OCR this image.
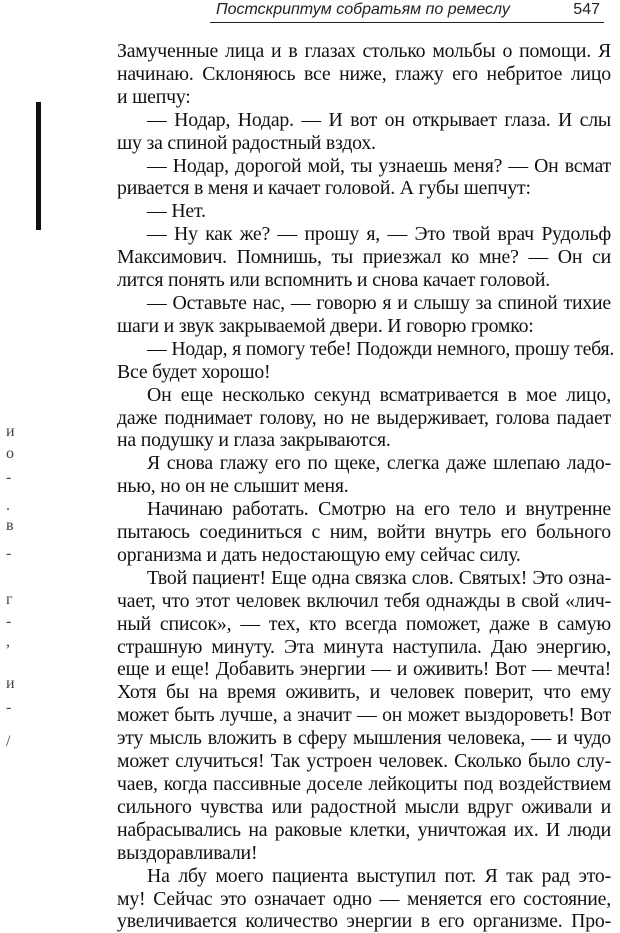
Постскриптум собратьям по ремеслу	547
и
о
-
.
в
-
г
-
,
и
-
/
Замученные лица и в глазах столько мольбы о помощи. Я
начинаю. Склоняюсь все ниже, глажу его небритое лицо
и шепчу:
— Нодар, Нодар. — И вот он открывает глаза. И слы
шу за спиной радостный вздох.
— Нодар, дорогой мой, ты узнаешь меня? — Он всмат
ривается в меня и качает головой. А губы шепчут:
— Нет.
— Ну как же? — прошу я, — Это твой врач Рудольф
Максимович. Помнишь, ты приезжал ко мне? — Он си
лится понять или вспомнить и снова качает головой.
— Оставьте нас, — говорю я и слышу за спиной тихие
шаги и звук закрываемой двери. И говорю громко:
— Нодар, я помогу тебе! Подожди немного, прошу тебя.
Все будет хорошо!
Он еще несколько секунд всматривается в мое лицо,
даже поднимает голову, но не выдерживает, голова падает
на подушку и глаза закрываются.
Я снова глажу его по щеке, слегка даже шлепаю ладо-
нью, но он не слышит меня.
Начинаю работать. Смотрю на его тело и внутренне
пытаюсь соединиться с ним, войти внутрь его больного
организма и дать недостающую ему сейчас силу.
Твой пациент! Еще одна связка слов. Святых! Это озна-
чает, что этот человек включил тебя однажды в свой «лич-
ный список», — тех, кто всегда поможет, даже в самую
страшную минуту. Эта минута наступила. Даю энергию,
еще и еще! Добавить энергии — и оживить! Вот — мечта!
Хотя бы на время оживить, и человек поверит, что ему
может быть лучше, а значит — он может выздороветь! Вот
эту мысль вложить в сферу мышления человека, — и чудо
может случиться! Так устроен человек. Сколько было слу-
чаев, когда пассивные доселе лейкоциты под воздействием
сильного чувства или радостной мысли вдруг оживали и
набрасывались на раковые клетки, уничтожая их. И люди
выздоравливали!
На лбу моего пациента выступил пот. Я так рад это-
му! Сейчас это означает одно — меняется его состояние,
увеличивается количество энергии в его организме. Про-
